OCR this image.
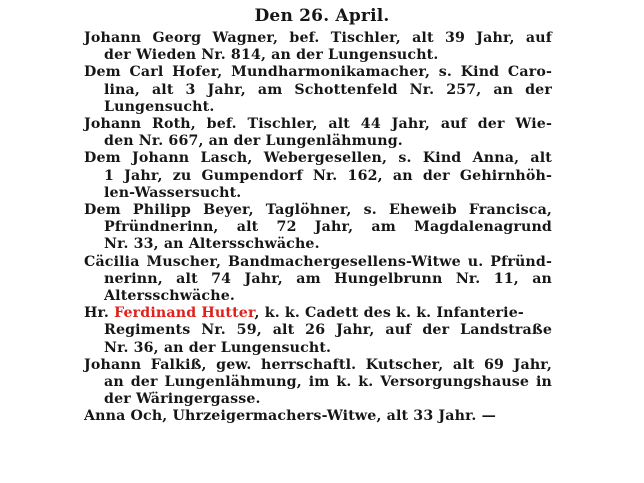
Den 26. April.
Johann Georg Wagner, bef. Tischler, alt 39 Jahr, auf
der Wieden Nr. 814, an der Lungensucht.
Dem Carl Hofer, Mundharmonikamacher, s. Kind Caro-
lina, alt 3 Jahr, am Schottenfeld Nr. 257, an der
Lungensucht.
Johann Roth, bef. Tischler, alt 44 Jahr, auf der Wie-
den Nr. 667, an der Lungenlähmung.
Dem Johann Lasch, Webergesellen, s. Kind Anna, alt
1 Jahr, zu Gumpendorf Nr. 162, an der Gehirnhöh-
len-Wassersucht.
Dem Philipp Beyer, Taglöhner, s. Eheweib Francisca,
Pfründnerinn, alt 72 Jahr, am Magdalenagrund
Nr. 33, an Altersschwäche.
Cäcilia Muscher, Bandmachergesellens-Witwe u. Pfründ-
nerinn, alt 74 Jahr, am Hungelbrunn Nr. 11, an
Altersschwäche.
Hr. Ferdinand Hutter, k. k. Cadett des k. k. Infanterie-
Regiments Nr. 59, alt 26 Jahr, auf der Landstraße
Nr. 36, an der Lungensucht.
Johann Falkiß, gew. herrschaftl. Kutscher, alt 69 Jahr,
an der Lungenlähmung, im k. k. Versorgungshause in
der Wäringergasse.
Anna Och, Uhrzeigermachers-Witwe, alt 33 Jahr. —
